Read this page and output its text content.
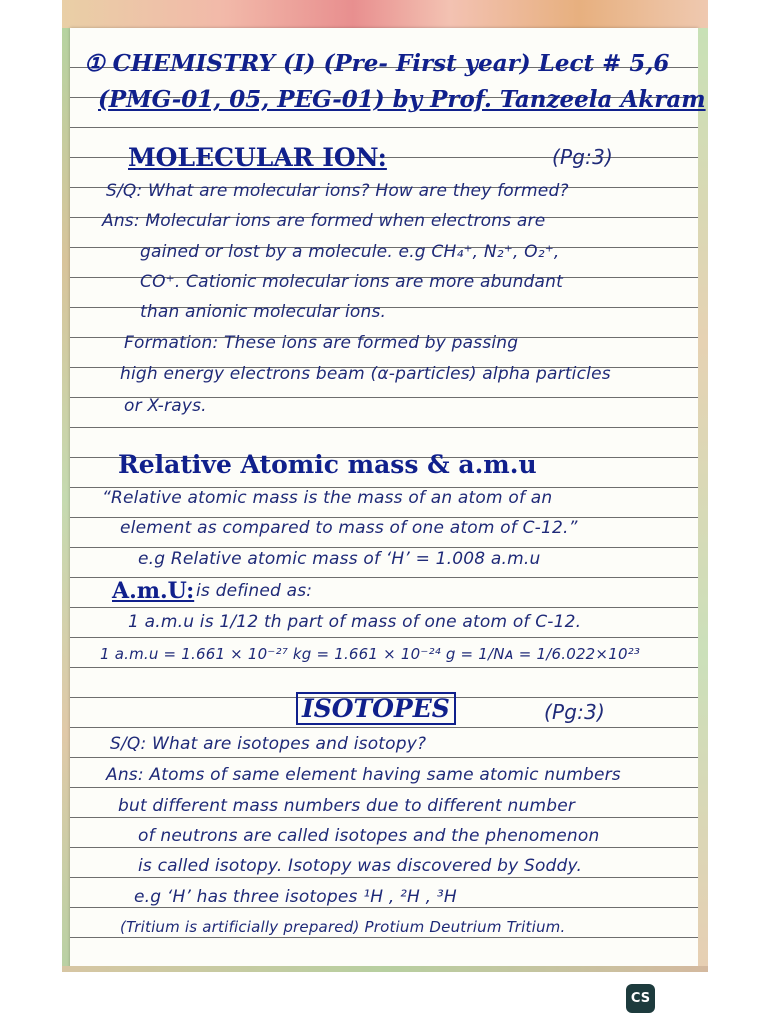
① CHEMISTRY (I) (Pre- First year) Lect # 5,6
(PMG-01, 05, PEG-01) by Prof. Tanzeela Akram
MOLECULAR ION:	(Pg:3)
S/Q: What are molecular ions? How are they formed?
Ans: Molecular ions are formed when electrons are
gained or lost by a molecule. e.g CH₄⁺, N₂⁺, O₂⁺,
CO⁺. Cationic molecular ions are more abundant
than anionic molecular ions.
Formation: These ions are formed by passing
high energy electrons beam (α-particles) alpha particles
or X-rays.
Relative Atomic mass & a.m.u
“Relative atomic mass is the mass of an atom of an
element as compared to mass of one atom of C-12.”
e.g Relative atomic mass of ‘H’ = 1.008 a.m.u
A.m.U: is defined as:
1 a.m.u is 1/12 th part of mass of one atom of C-12.
1 a.m.u = 1.661 × 10⁻²⁷ kg = 1.661 × 10⁻²⁴ g = 1/Nᴀ = 1/6.022×10²³
ISOTOPES	(Pg:3)
S/Q: What are isotopes and isotopy?
Ans: Atoms of same element having same atomic numbers
but different mass numbers due to different number
of neutrons are called isotopes and the phenomenon
is called isotopy. Isotopy was discovered by Soddy.
e.g ‘H’ has three isotopes ¹H , ²H , ³H
(Tritium is artificially prepared) Protium Deutrium Tritium.
CS
